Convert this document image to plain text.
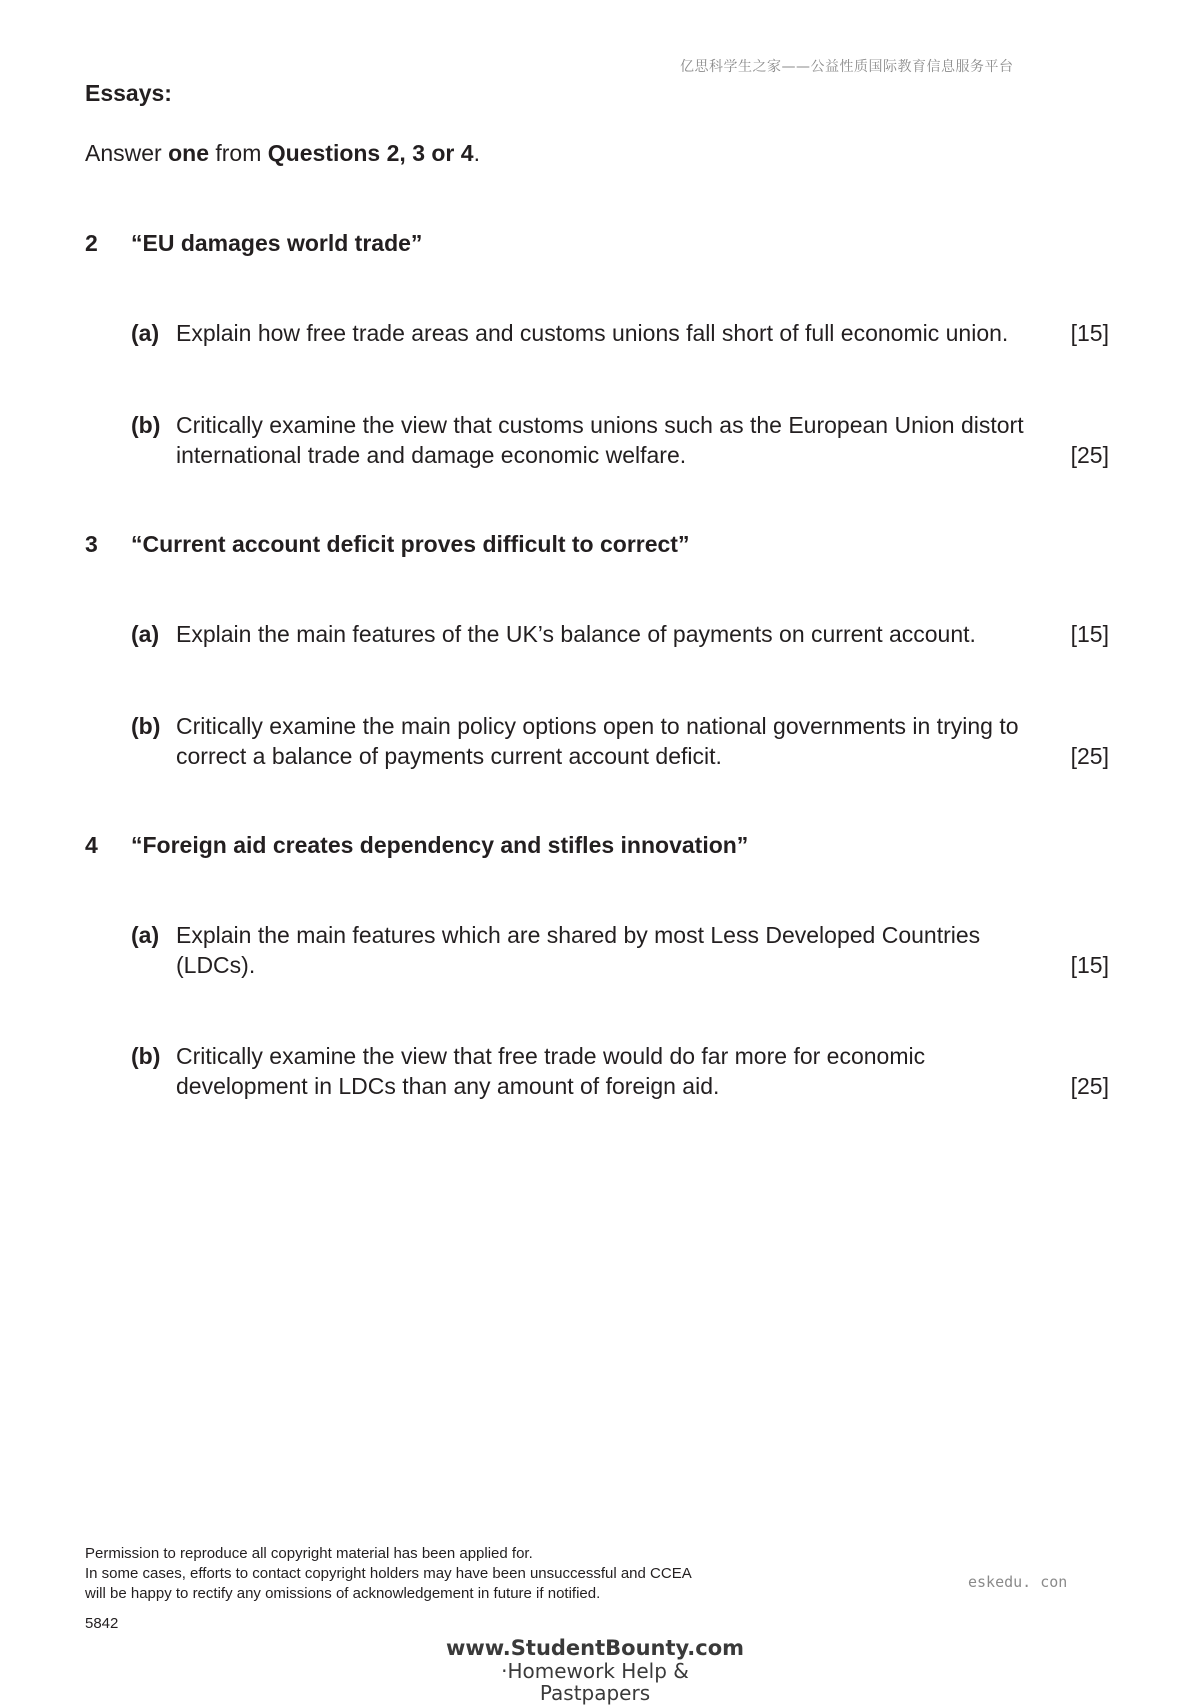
亿思科学生之家——公益性质国际教育信息服务平台
Essays:
Answer one from Questions 2, 3 or 4.
2 “EU damages world trade”
(a) Explain how free trade areas and customs unions fall short of full economic union.	[15]
(b) Critically examine the view that customs unions such as the European Union distort international trade and damage economic welfare.	[25]
3 “Current account deficit proves difficult to correct”
(a) Explain the main features of the UK’s balance of payments on current account.	[15]
(b) Critically examine the main policy options open to national governments in trying to correct a balance of payments current account deficit.	[25]
4 “Foreign aid creates dependency and stifles innovation”
(a) Explain the main features which are shared by most Less Developed Countries (LDCs).	[15]
(b) Critically examine the view that free trade would do far more for economic development in LDCs than any amount of foreign aid.	[25]
Permission to reproduce all copyright material has been applied for.
In some cases, efforts to contact copyright holders may have been unsuccessful and CCEA
will be happy to rectify any omissions of acknowledgement in future if notified.
5842
eskedu. con
www.StudentBounty.com
·Homework Help & Pastpapers
